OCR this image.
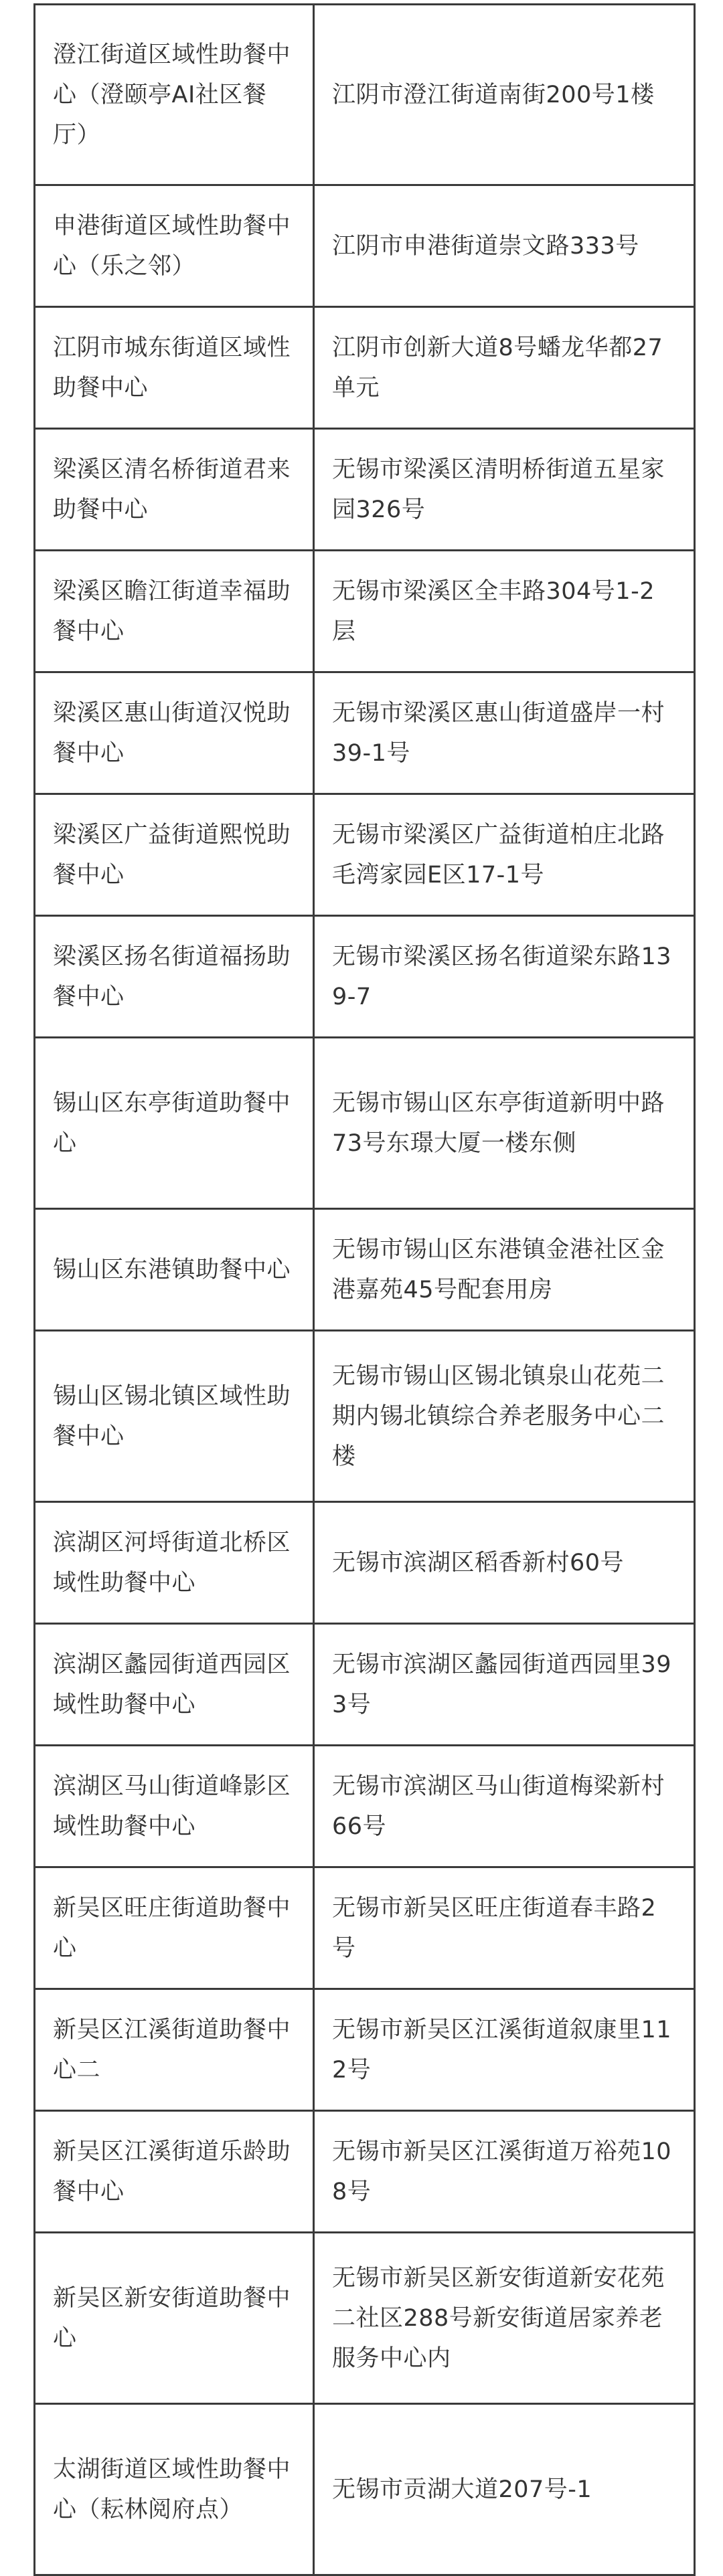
澄江街道区域性助餐中心（澄颐亭AI社区餐厅）	江阴市澄江街道南街200号1楼
申港街道区域性助餐中心（乐之邻）	江阴市申港街道崇文路333号
江阴市城东街道区域性助餐中心	江阴市创新大道8号蟠龙华都27单元
梁溪区清名桥街道君来助餐中心	无锡市梁溪区清明桥街道五星家园326号
梁溪区瞻江街道幸福助餐中心	无锡市梁溪区全丰路304号1-2层
梁溪区惠山街道汉悦助餐中心	无锡市梁溪区惠山街道盛岸一村39-1号
梁溪区广益街道熙悦助餐中心	无锡市梁溪区广益街道柏庄北路毛湾家园E区17-1号
梁溪区扬名街道福扬助餐中心	无锡市梁溪区扬名街道梁东路139-7
锡山区东亭街道助餐中心	无锡市锡山区东亭街道新明中路73号东璟大厦一楼东侧
锡山区东港镇助餐中心	无锡市锡山区东港镇金港社区金港嘉苑45号配套用房
锡山区锡北镇区域性助餐中心	无锡市锡山区锡北镇泉山花苑二期内锡北镇综合养老服务中心二楼
滨湖区河埒街道北桥区域性助餐中心	无锡市滨湖区稻香新村60号
滨湖区蠡园街道西园区域性助餐中心	无锡市滨湖区蠡园街道西园里393号
滨湖区马山街道峰影区域性助餐中心	无锡市滨湖区马山街道梅梁新村66号
新吴区旺庄街道助餐中心	无锡市新吴区旺庄街道春丰路2号
新吴区江溪街道助餐中心二	无锡市新吴区江溪街道叙康里112号
新吴区江溪街道乐龄助餐中心	无锡市新吴区江溪街道万裕苑108号
新吴区新安街道助餐中心	无锡市新吴区新安街道新安花苑二社区288号新安街道居家养老服务中心内
太湖街道区域性助餐中心（耘林阅府点）	无锡市贡湖大道207号-1
